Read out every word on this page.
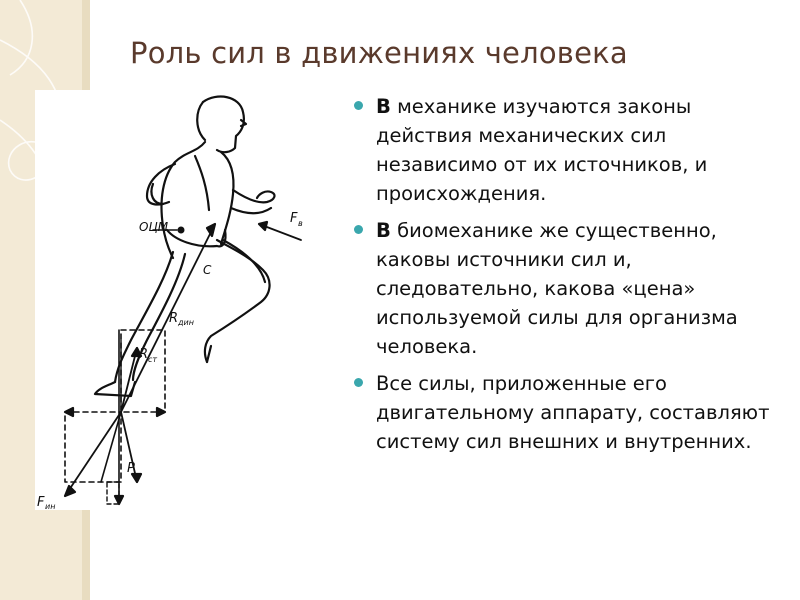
Роль сил в движениях человека
ОЦМ
F в
С
R дин
R ст
Р
F ин
В механике изучаются законы действия механических сил независимо от их источников, и происхождения.
В биомеханике же существенно, каковы источники сил и, следовательно, какова «цена» используемой силы для организма человека.
Все силы, приложенные его двигательному аппарату, составляют систему сил внешних и внутренних.
